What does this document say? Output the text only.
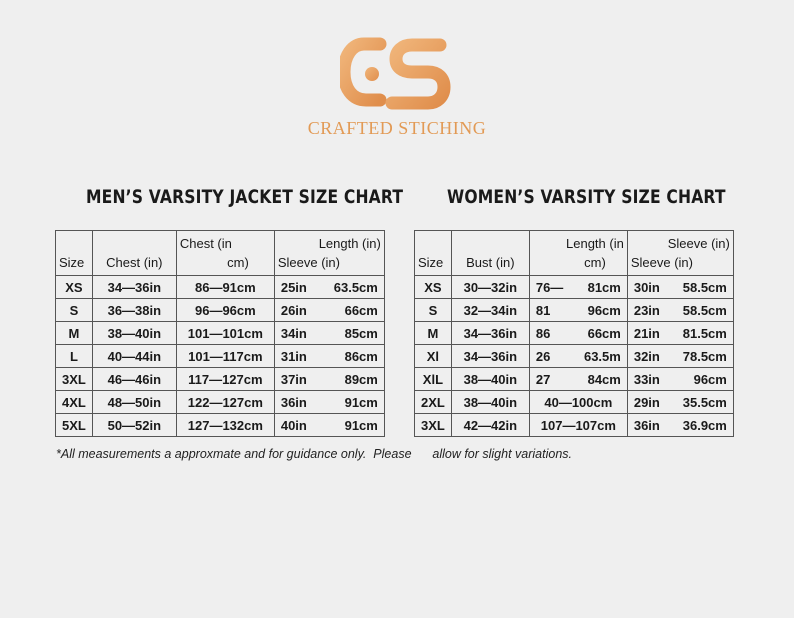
CRAFTED STICHING
MEN’S VARSITY JACKET SIZE CHART WOMEN’S VARSITY SIZE CHART
Size	Chest (in)	Chest (in
cm)	Length (in)
Sleeve (in)

XS	34—36in	86—91cm	25in 63.5cm

S	36—38in	96—96cm	26in 66cm

M	38—40in	101—101cm	34in 85cm

L	40—44in	101—117cm	31in 86cm

3XL	46—46in	117—127cm	37in 89cm

4XL	48—50in	122—127cm	36in 91cm

5XL	50—52in	127—132cm	40in 91cm
Size	Bust (in)	Length (in
cm)	Sleeve (in)
Sleeve (in)

XS	30—32in	76— 81cm	30in 58.5cm

S	32—34in	81 96cm	23in 58.5cm

M	34—36in	86 66cm	21in 81.5cm

Xl	34—36in	26 63.5m	32in 78.5cm

XlL	38—40in	27 84cm	33in 96cm

2XL	38—40in	40—100cm	29in 35.5cm

3XL	42—42in	107—107cm	36in 36.9cm
*All measurements a approxmate and for guidance only.  Please      allow for slight variations.
